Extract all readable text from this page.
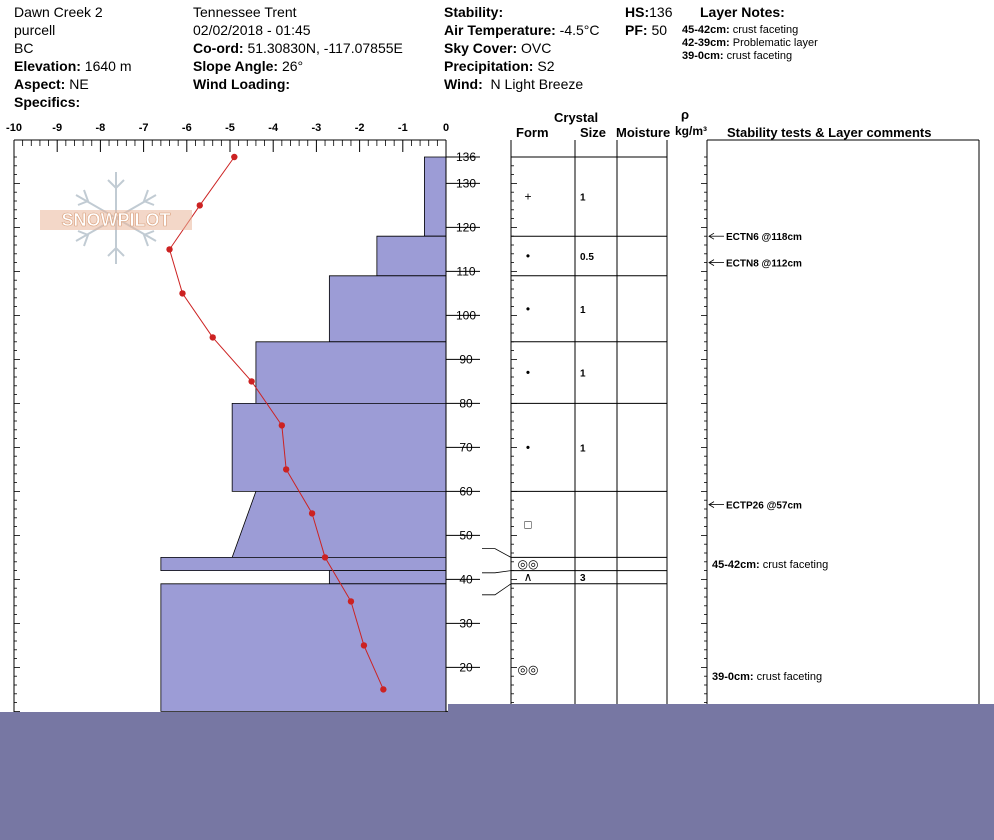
Dawn Creek 2
purcell
BC
Elevation: 1640 m
Aspect: NE
Specifics:
Tennessee Trent
02/02/2018 - 01:45
Co-ord: 51.30830N, -117.07855E
Slope Angle: 26°
Wind Loading:
Stability:
Air Temperature: -4.5°C
Sky Cover: OVC
Precipitation: S2
Wind: N Light Breeze
HS:136
PF: 50
Layer Notes:
45-42cm: crust faceting
42-39cm: Problematic layer
39-0cm: crust faceting
Crystal
Form Size Moisture
ρ
kg/m³ Stability tests & Layer comments
-10	-9	-8	-7	-6	-5	-4	-3	-2	-1	0
136
130
120
110
100
90
80
70
60
50
40
30
20
+	1
•	0.5
•	1
•	1
•	1
□
◎◎
∧	3
◎◎
ECTN6 @118cm
ECTN8 @112cm
ECTP26 @57cm
45-42cm: crust faceting
39-0cm: crust faceting
SNOWPILOT
